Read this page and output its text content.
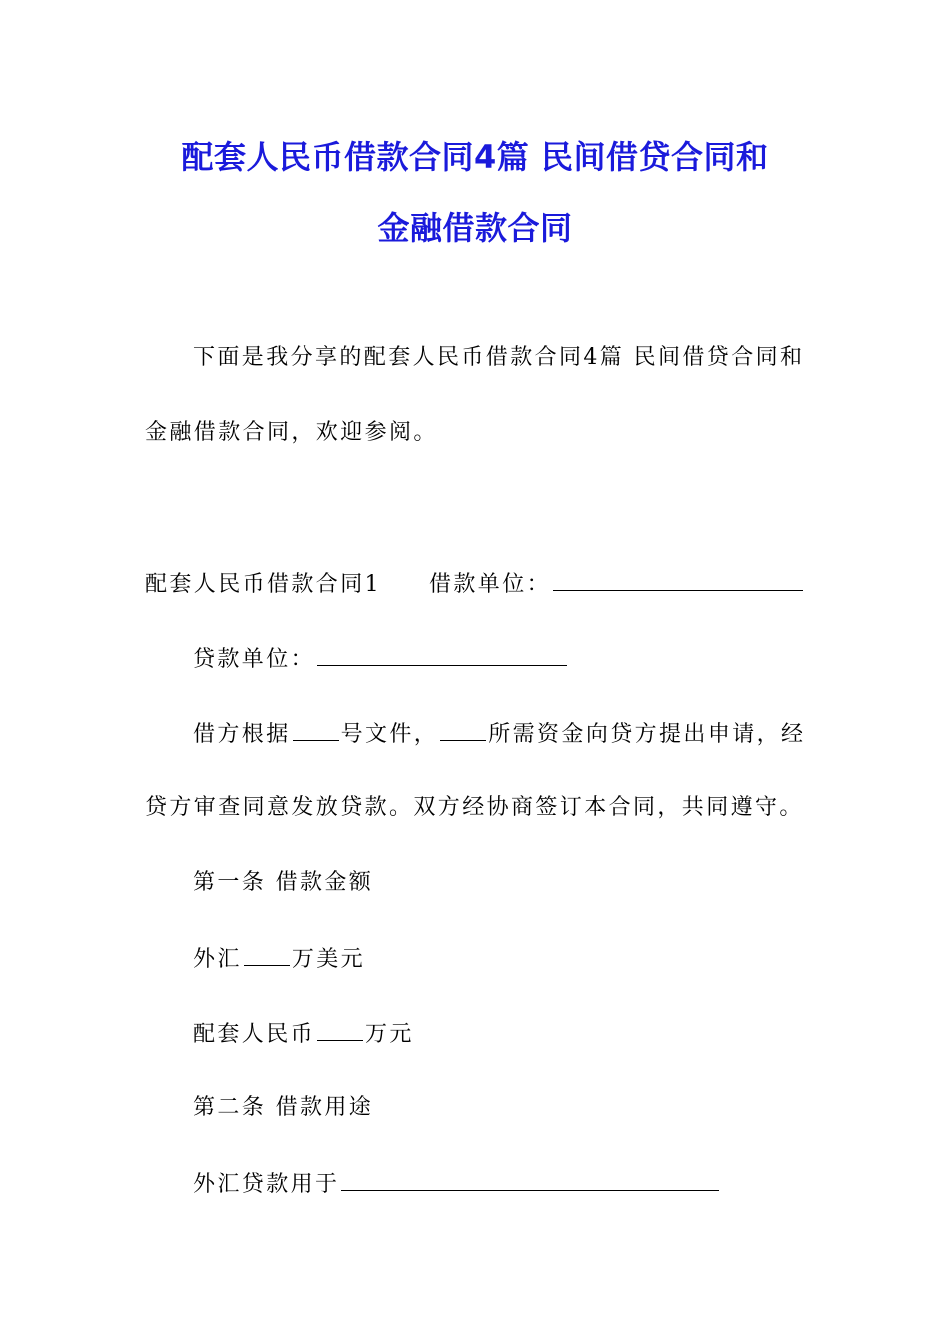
配套人民币借款合同4篇 民间借贷合同和
金融借款合同
下面是我分享的配套人民币借款合同4篇 民间借贷合同和
金融借款合同，欢迎参阅。
配套人民币借款合同1 借款单位：
贷款单位：
借方根据 号文件， 所需资金向贷方提出申请，经
贷方审查同意发放贷款。双方经协商签订本合同，共同遵守。
第一条 借款金额
外汇 万美元
配套人民币 万元
第二条 借款用途
外汇贷款用于
